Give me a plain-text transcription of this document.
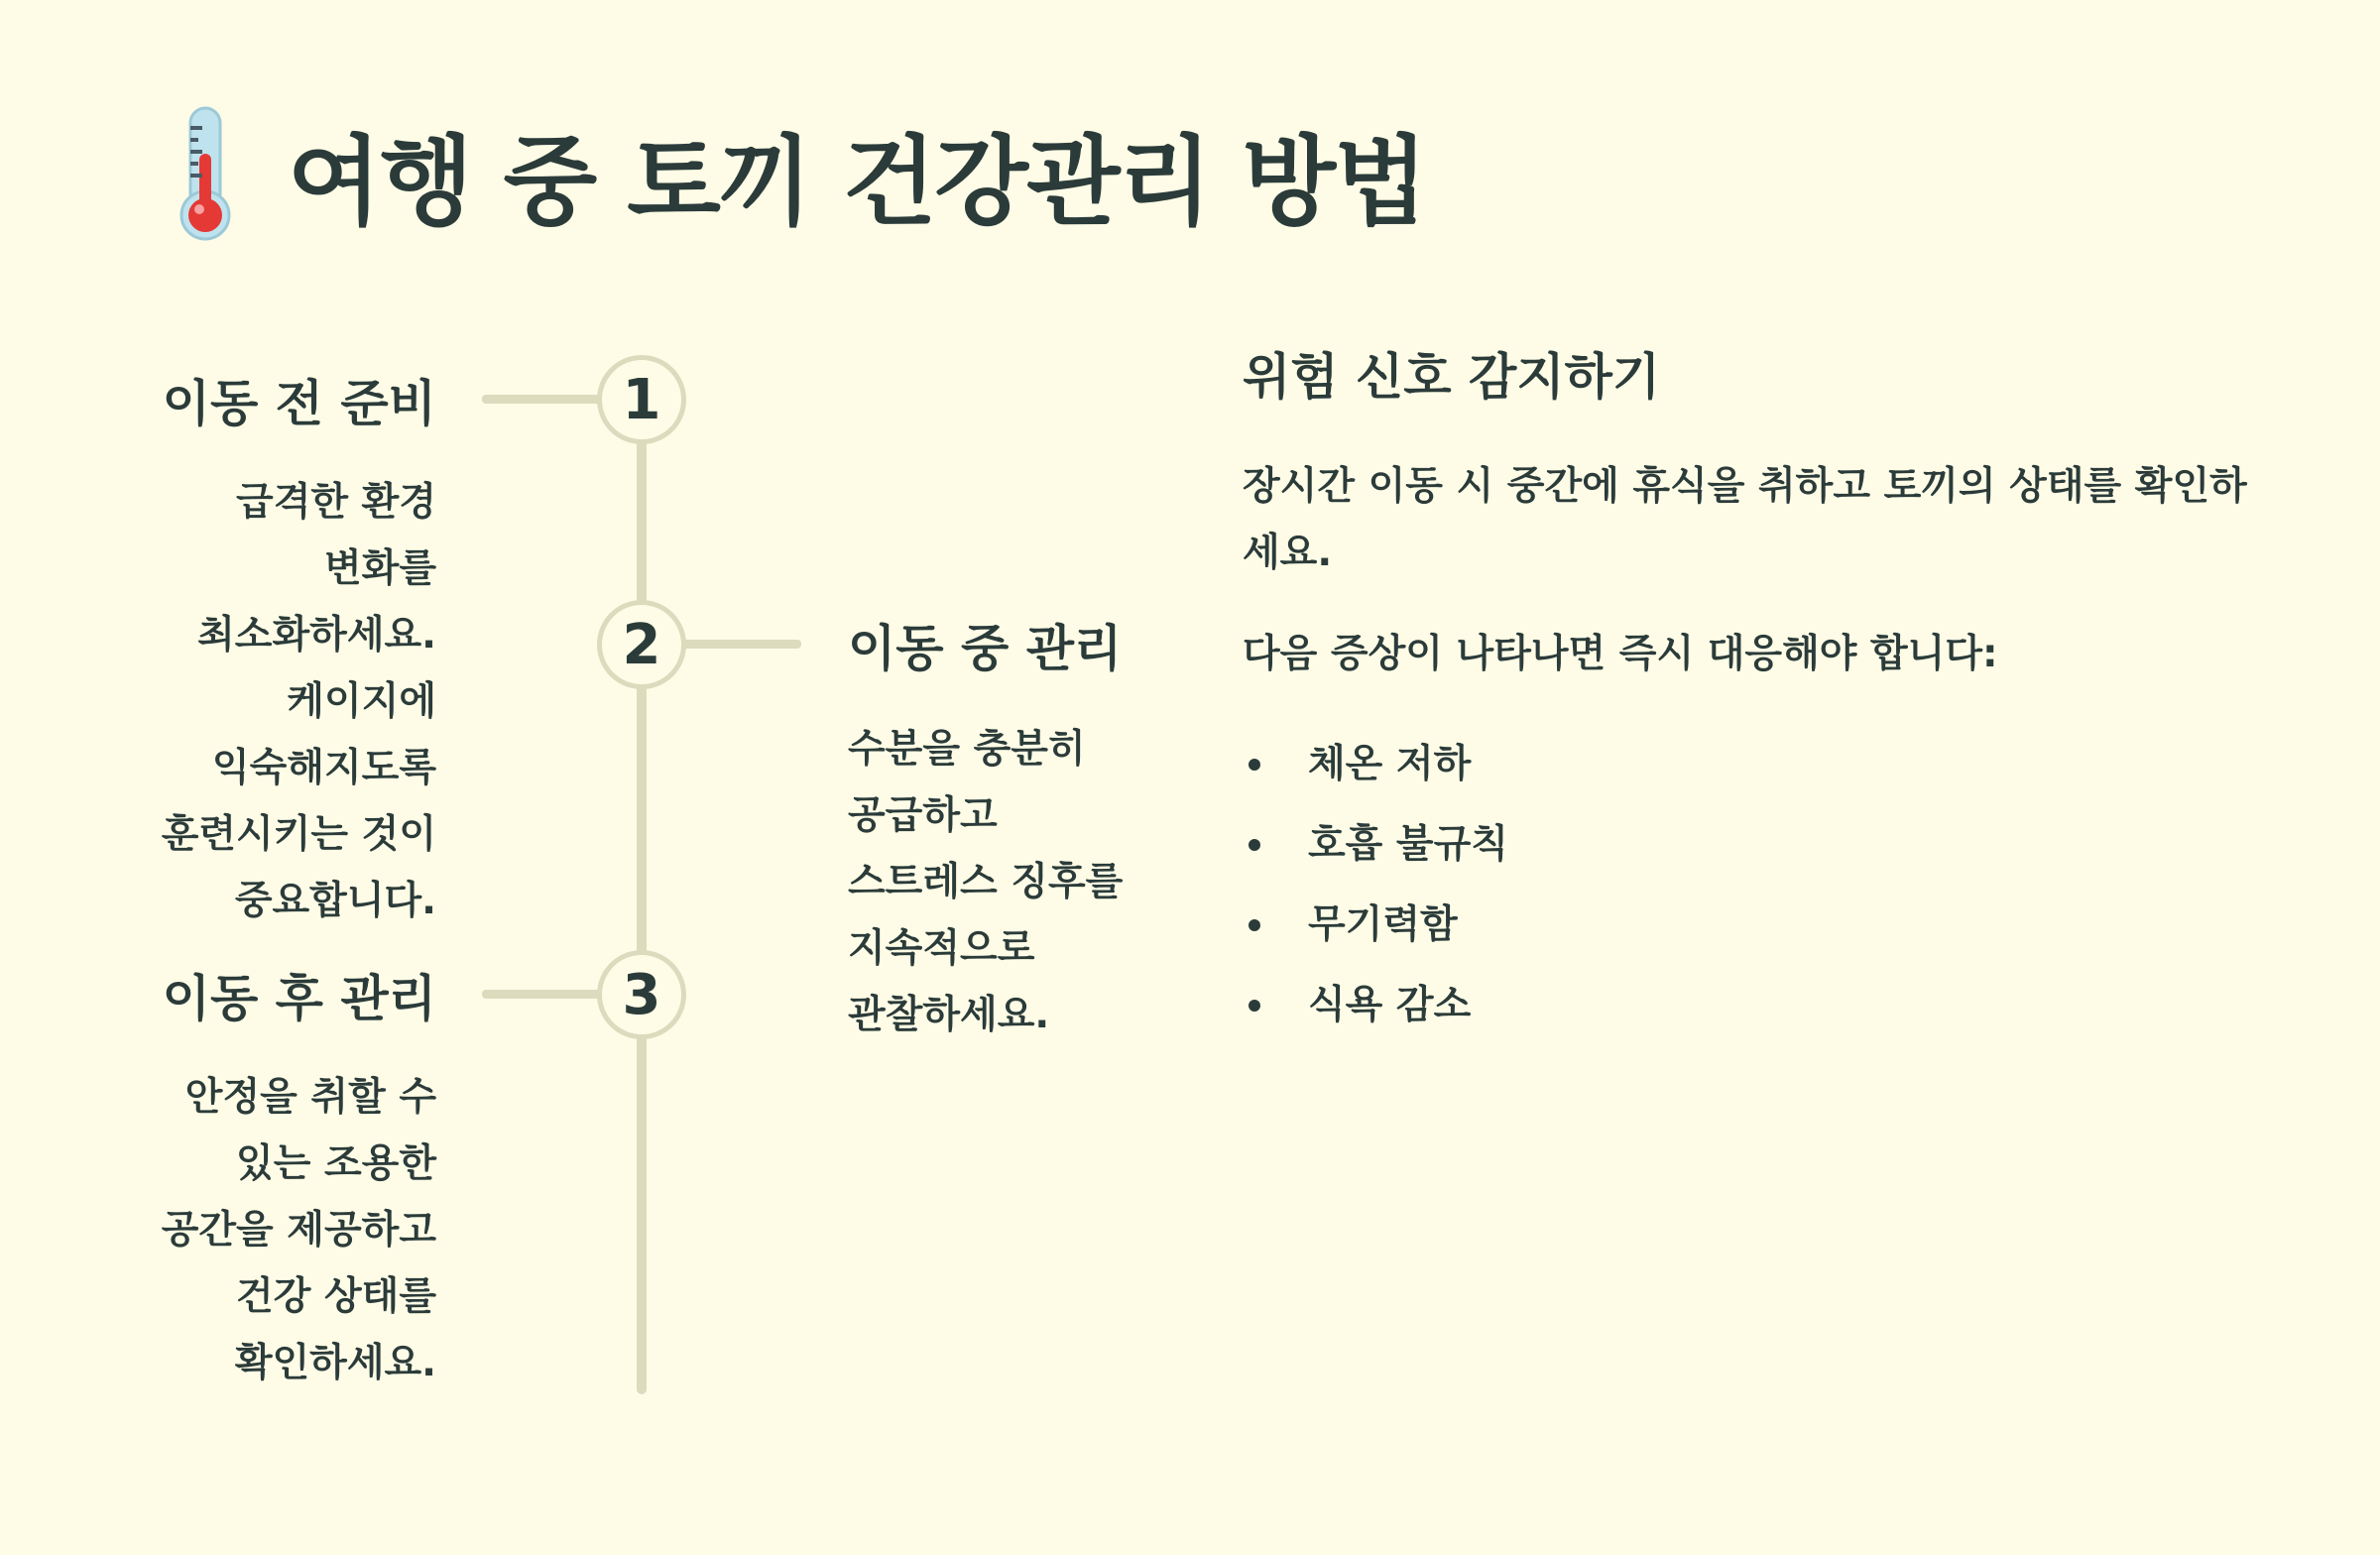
여행 중 토끼 건강관리 방법
1
이동 전 준비

급격한 환경 변화를 최소화하세요. 케이지에 익숙해지도록 훈련시키는 것이 중요합니다.

2	이동 중 관리

수분을 충분히 공급하고 스트레스 징후를 지속적으로 관찰하세요.

3
이동 후 관리

안정을 취할 수 있는 조용한 공간을 제공하고 건강 상태를 확인하세요.

위험 신호 감지하기

장시간 이동 시 중간에 휴식을 취하고 토끼의 상태를 확인하세요.

다음 증상이 나타나면 즉시 대응해야 합니다:

체온 저하
호흡 불규칙
무기력함
식욕 감소
